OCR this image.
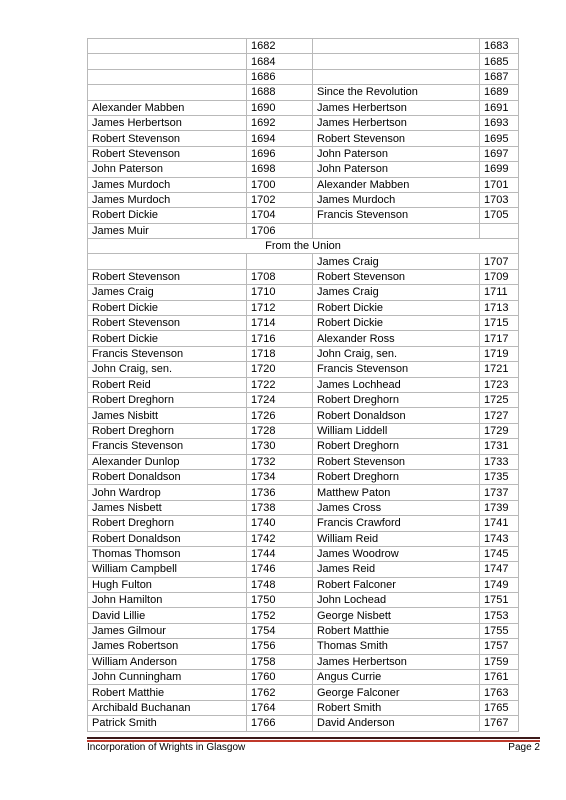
	1682		1683
	1684		1685
	1686		1687
	1688	Since the Revolution	1689
Alexander Mabben	1690	James Herbertson	1691
James Herbertson	1692	James Herbertson	1693
Robert Stevenson	1694	Robert Stevenson	1695
Robert Stevenson	1696	John Paterson	1697
John Paterson	1698	John Paterson	1699
James Murdoch	1700	Alexander Mabben	1701
James Murdoch	1702	James Murdoch	1703
Robert Dickie	1704	Francis Stevenson	1705
James Muir	1706		
From the Union			
		James Craig	1707
Robert Stevenson	1708	Robert Stevenson	1709
James Craig	1710	James Craig	1711
Robert Dickie	1712	Robert Dickie	1713
Robert Stevenson	1714	Robert Dickie	1715
Robert Dickie	1716	Alexander Ross	1717
Francis Stevenson	1718	John Craig, sen.	1719
John Craig, sen.	1720	Francis Stevenson	1721
Robert Reid	1722	James Lochhead	1723
Robert Dreghorn	1724	Robert Dreghorn	1725
James Nisbitt	1726	Robert Donaldson	1727
Robert Dreghorn	1728	William Liddell	1729
Francis Stevenson	1730	Robert Dreghorn	1731
Alexander Dunlop	1732	Robert Stevenson	1733
Robert Donaldson	1734	Robert Dreghorn	1735
John Wardrop	1736	Matthew Paton	1737
James Nisbett	1738	James Cross	1739
Robert Dreghorn	1740	Francis Crawford	1741
Robert Donaldson	1742	William Reid	1743
Thomas Thomson	1744	James Woodrow	1745
William Campbell	1746	James Reid	1747
Hugh Fulton	1748	Robert Falconer	1749
John Hamilton	1750	John Lochead	1751
David Lillie	1752	George Nisbett	1753
James Gilmour	1754	Robert Matthie	1755
James Robertson	1756	Thomas Smith	1757
William Anderson	1758	James Herbertson	1759
John Cunningham	1760	Angus Currie	1761
Robert Matthie	1762	George Falconer	1763
Archibald Buchanan	1764	Robert Smith	1765
Patrick Smith	1766	David Anderson	1767
Incorporation of Wrights in Glasgow	Page 2
